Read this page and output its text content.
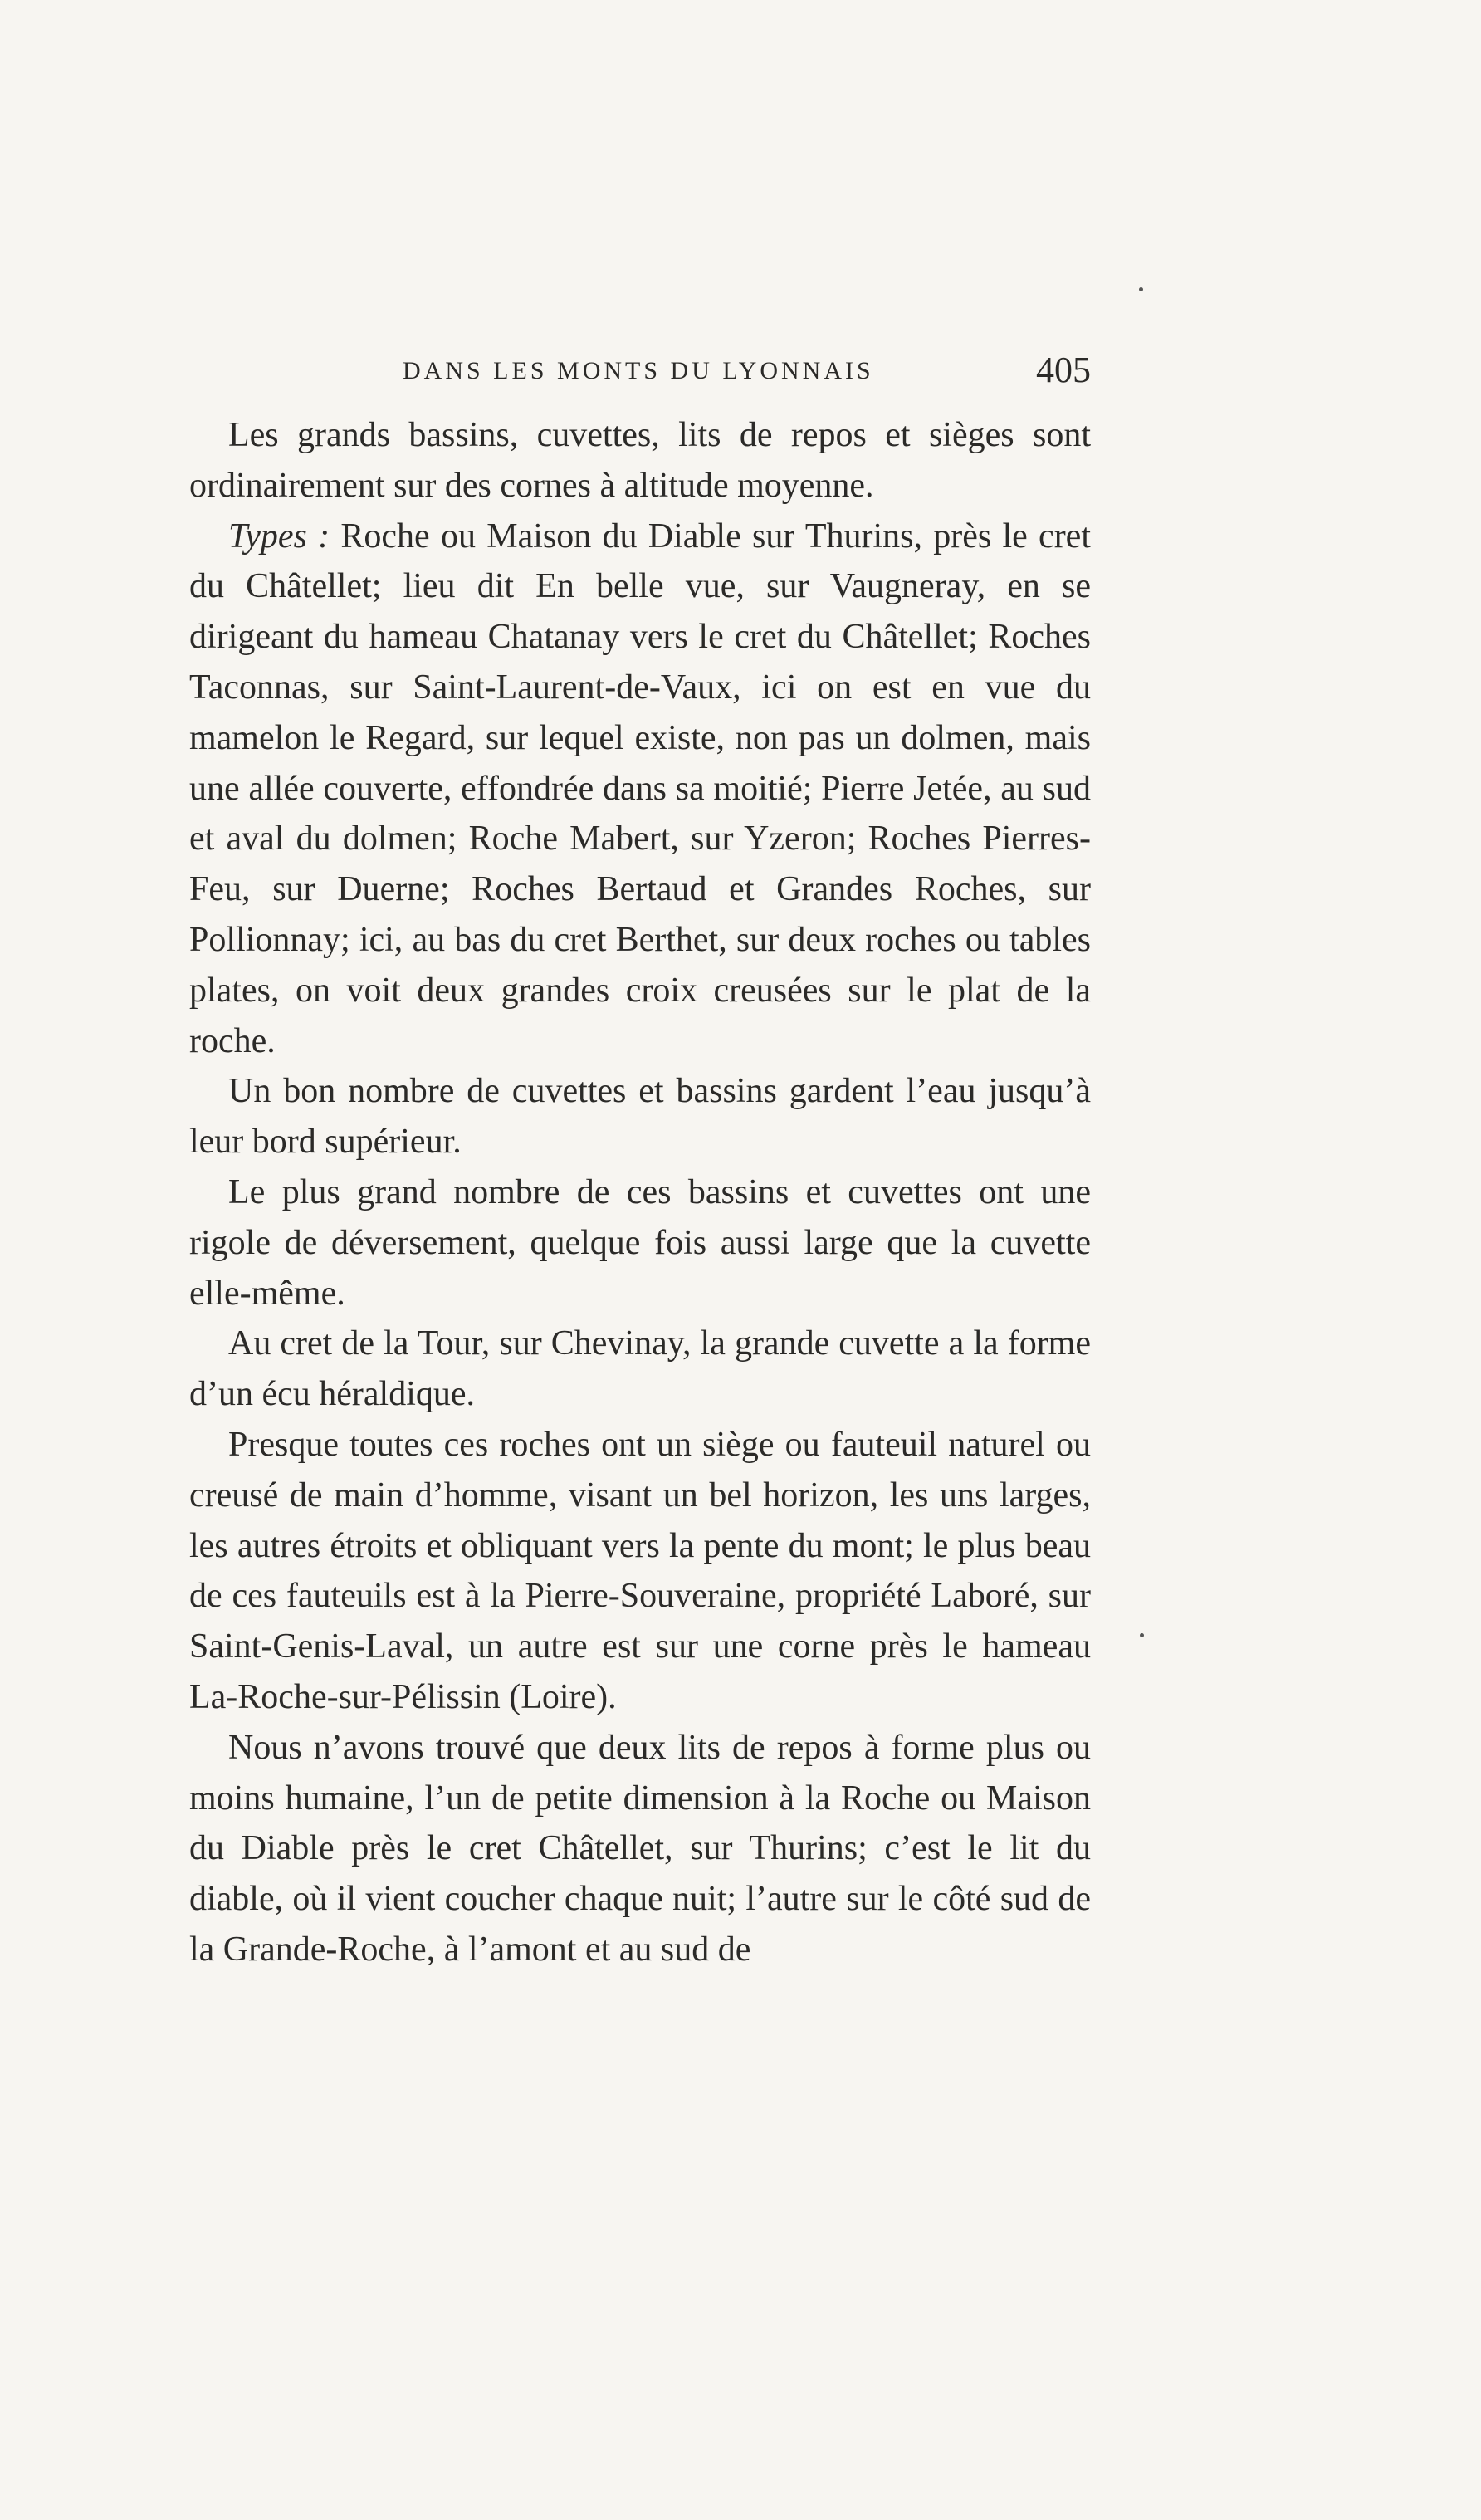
DANS LES MONTS DU LYONNAIS	405

Les grands bassins, cuvettes, lits de repos et sièges sont ordinairement sur des cornes à altitude moyenne.

Types : Roche ou Maison du Diable sur Thurins, près le cret du Châtellet; lieu dit En belle vue, sur Vaugneray, en se dirigeant du hameau Chatanay vers le cret du Châtellet; Roches Taconnas, sur Saint-Laurent-de-Vaux, ici on est en vue du mamelon le Regard, sur lequel existe, non pas un dolmen, mais une allée couverte, effondrée dans sa moitié; Pierre Jetée, au sud et aval du dolmen; Roche Mabert, sur Yzeron; Roches Pierres-Feu, sur Duerne; Roches Bertaud et Grandes Roches, sur Pollionnay; ici, au bas du cret Berthet, sur deux roches ou tables plates, on voit deux grandes croix creusées sur le plat de la roche.

Un bon nombre de cuvettes et bassins gardent l’eau jusqu’à leur bord supérieur.

Le plus grand nombre de ces bassins et cuvettes ont une rigole de déversement, quelque fois aussi large que la cuvette elle-même.

Au cret de la Tour, sur Chevinay, la grande cuvette a la forme d’un écu héraldique.

Presque toutes ces roches ont un siège ou fauteuil naturel ou creusé de main d’homme, visant un bel horizon, les uns larges, les autres étroits et obliquant vers la pente du mont; le plus beau de ces fauteuils est à la Pierre-Souveraine, propriété Laboré, sur Saint-Genis-Laval, un autre est sur une corne près le hameau La-Roche-sur-Pélissin (Loire).

Nous n’avons trouvé que deux lits de repos à forme plus ou moins humaine, l’un de petite dimension à la Roche ou Maison du Diable près le cret Châtellet, sur Thurins; c’est le lit du diable, où il vient coucher chaque nuit; l’autre sur le côté sud de la Grande-Roche, à l’amont et au sud de
